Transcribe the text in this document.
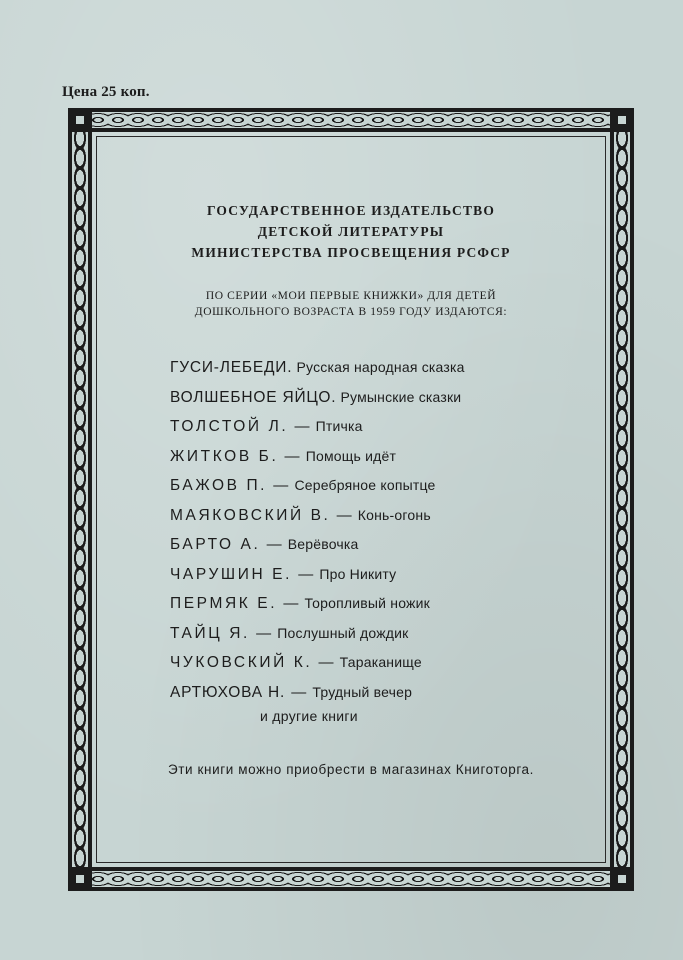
Цена 25 коп.
ГОСУДАРСТВЕННОЕ ИЗДАТЕЛЬСТВО
ДЕТСКОЙ ЛИТЕРАТУРЫ
МИНИСТЕРСТВА ПРОСВЕЩЕНИЯ РСФСР
ПО СЕРИИ «МОИ ПЕРВЫЕ КНИЖКИ» ДЛЯ ДЕТЕЙ
ДОШКОЛЬНОГО ВОЗРАСТА В 1959 ГОДУ ИЗДАЮТСЯ:
ГУСИ-ЛЕБЕДИ. Русская народная сказка
ВОЛШЕБНОЕ ЯЙЦО. Румынские сказки
ТОЛСТОЙ Л. — Птичка
ЖИТКОВ Б. — Помощь идёт
БАЖОВ П. — Серебряное копытце
МАЯКОВСКИЙ В. — Конь-огонь
БАРТО А. — Верёвочка
ЧАРУШИН Е. — Про Никиту
ПЕРМЯК Е. — Торопливый ножик
ТАЙЦ Я. — Послушный дождик
ЧУКОВСКИЙ К. — Тараканище
АРТЮХОВА Н. — Трудный вечер
и другие книги
Эти книги можно приобрести в магазинах Книготорга.
